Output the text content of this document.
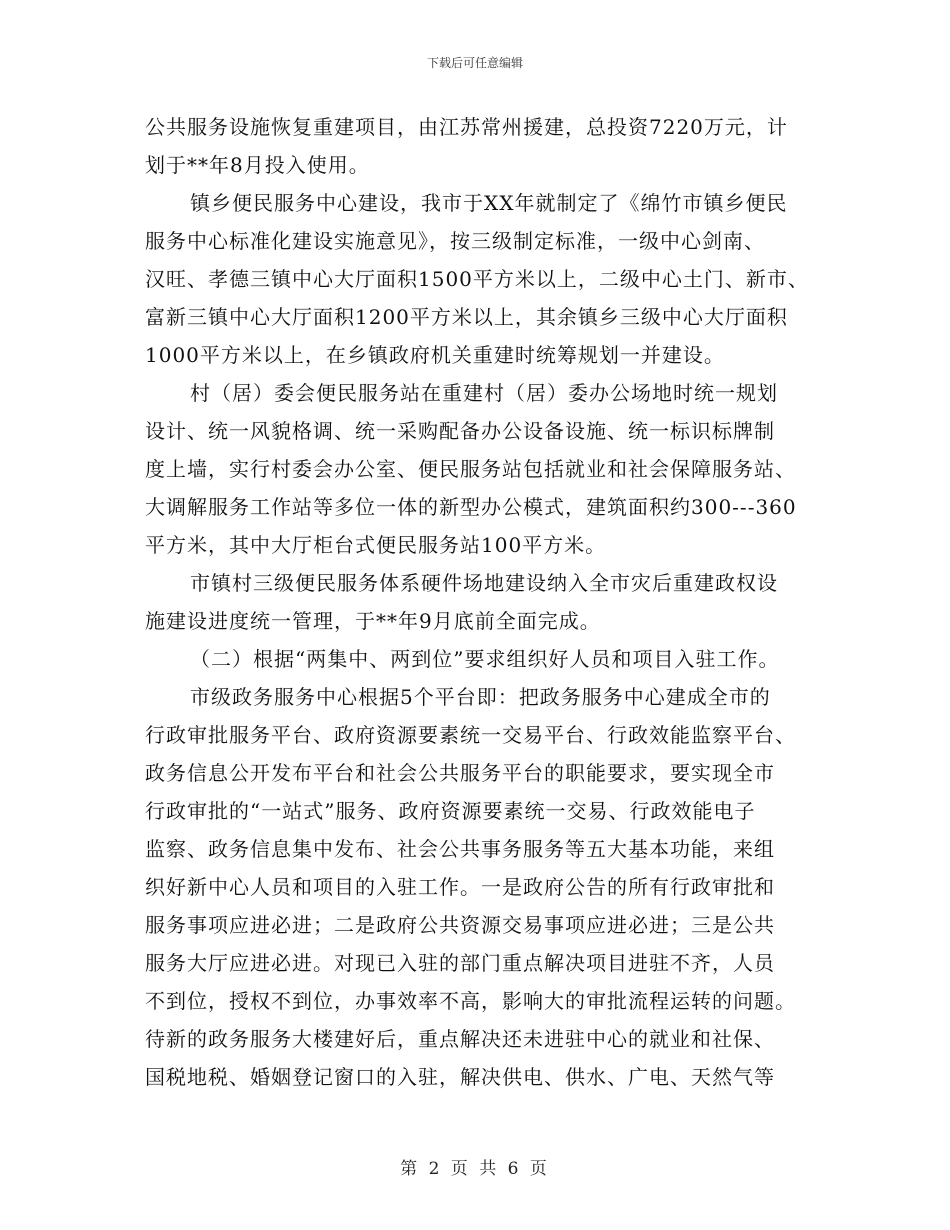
下载后可任意编辑
公共服务设施恢复重建项目，由江苏常州援建，总投资7220万元，计
划于**年8月投入使用。
镇乡便民服务中心建设，我市于XX年就制定了《绵竹市镇乡便民
服务中心标准化建设实施意见》，按三级制定标准，一级中心剑南、
汉旺、孝德三镇中心大厅面积1500平方米以上，二级中心土门、新市、
富新三镇中心大厅面积1200平方米以上，其余镇乡三级中心大厅面积
1000平方米以上，在乡镇政府机关重建时统筹规划一并建设。
村（居）委会便民服务站在重建村（居）委办公场地时统一规划
设计、统一风貌格调、统一采购配备办公设备设施、统一标识标牌制
度上墙，实行村委会办公室、便民服务站包括就业和社会保障服务站、
大调解服务工作站等多位一体的新型办公模式，建筑面积约300---360
平方米，其中大厅柜台式便民服务站100平方米。
市镇村三级便民服务体系硬件场地建设纳入全市灾后重建政权设
施建设进度统一管理，于**年9月底前全面完成。
（二）根据“两集中、两到位”要求组织好人员和项目入驻工作。
市级政务服务中心根据5个平台即：把政务服务中心建成全市的
行政审批服务平台、政府资源要素统一交易平台、行政效能监察平台、
政务信息公开发布平台和社会公共服务平台的职能要求，要实现全市
行政审批的“一站式”服务、政府资源要素统一交易、行政效能电子
监察、政务信息集中发布、社会公共事务服务等五大基本功能，来组
织好新中心人员和项目的入驻工作。一是政府公告的所有行政审批和
服务事项应进必进；二是政府公共资源交易事项应进必进；三是公共
服务大厅应进必进。对现已入驻的部门重点解决项目进驻不齐，人员
不到位，授权不到位，办事效率不高，影响大的审批流程运转的问题。
待新的政务服务大楼建好后，重点解决还未进驻中心的就业和社保、
国税地税、婚姻登记窗口的入驻，解决供电、供水、广电、天然气等
第 2 页 共 6 页
